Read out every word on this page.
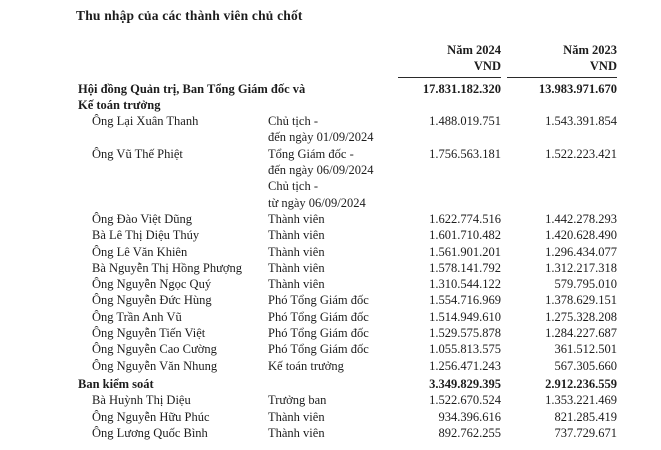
Thu nhập của các thành viên chủ chốt
Năm 2024
VND
Năm 2023
VND
Hội đồng Quản trị, Ban Tổng Giám đốc và
Kế toán trưởng
17.831.182.320	13.983.971.670
Ông Lại Xuân Thanh	Chủ tịch -
đến ngày 01/09/2024
1.488.019.751	1.543.391.854
Ông Vũ Thế Phiệt	Tổng Giám đốc -
đến ngày 06/09/2024
Chủ tịch -
từ ngày 06/09/2024
1.756.563.181	1.522.223.421
Ông Đào Việt Dũng	Thành viên	1.622.774.516	1.442.278.293
Bà Lê Thị Diệu Thúy	Thành viên	1.601.710.482	1.420.628.490
Ông Lê Văn Khiên	Thành viên	1.561.901.201	1.296.434.077
Bà Nguyễn Thị Hồng Phượng	Thành viên	1.578.141.792	1.312.217.318
Ông Nguyễn Ngọc Quý	Thành viên	1.310.544.122	579.795.010
Ông Nguyễn Đức Hùng	Phó Tổng Giám đốc	1.554.716.969	1.378.629.151
Ông Trần Anh Vũ	Phó Tổng Giám đốc	1.514.949.610	1.275.328.208
Ông Nguyễn Tiến Việt	Phó Tổng Giám đốc	1.529.575.878	1.284.227.687
Ông Nguyễn Cao Cường	Phó Tổng Giám đốc	1.055.813.575	361.512.501
Ông Nguyễn Văn Nhung	Kế toán trưởng	1.256.471.243	567.305.660
Ban kiểm soát	3.349.829.395	2.912.236.559
Bà Huỳnh Thị Diệu	Trưởng ban	1.522.670.524	1.353.221.469
Ông Nguyễn Hữu Phúc	Thành viên	934.396.616	821.285.419
Ông Lương Quốc Bình	Thành viên	892.762.255	737.729.671
